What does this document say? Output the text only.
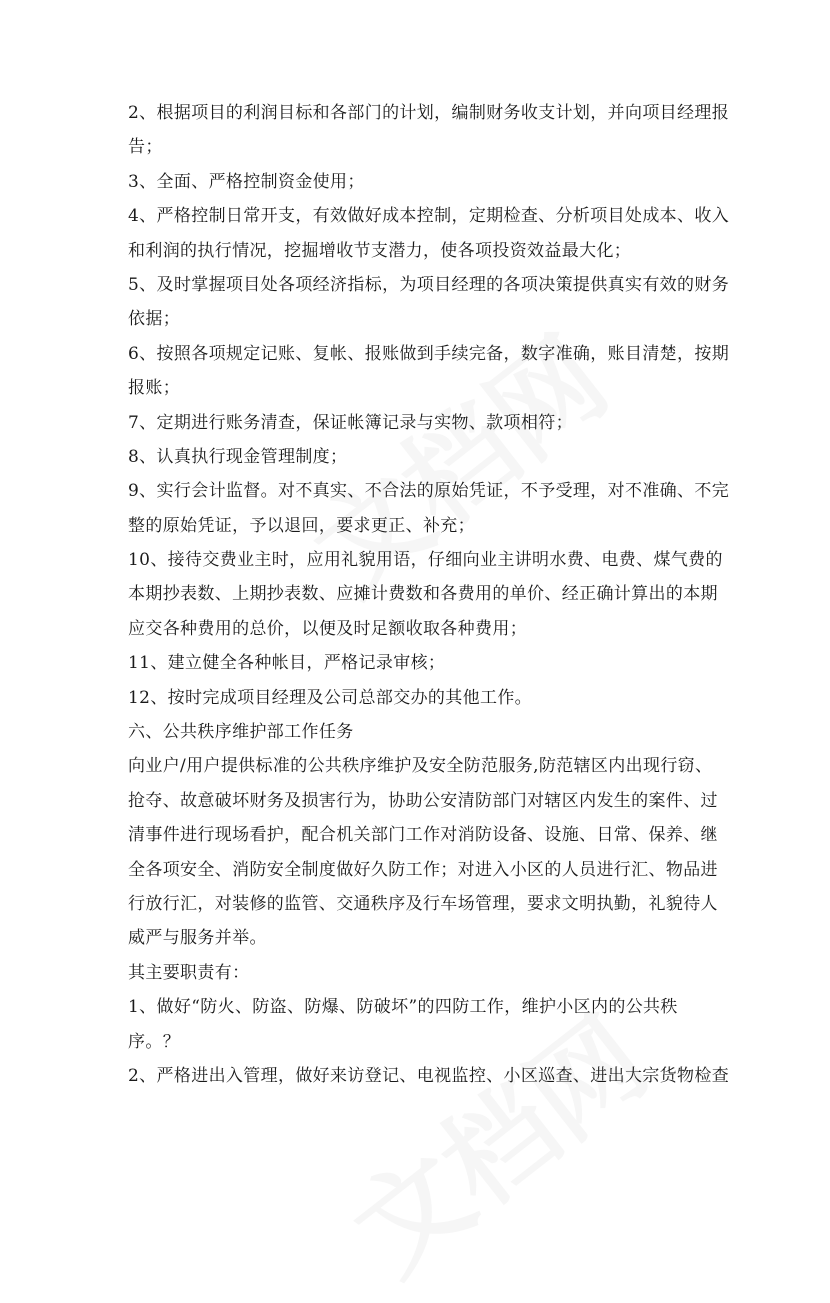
2、根据项目的利润目标和各部门的计划，编制财务收支计划，并向项目经理报
告；
3、全面、严格控制资金使用；
4、严格控制日常开支，有效做好成本控制，定期检查、分析项目处成本、收入
和利润的执行情况，挖掘增收节支潜力，使各项投资效益最大化；
5、及时掌握项目处各项经济指标，为项目经理的各项决策提供真实有效的财务
依据；
6、按照各项规定记账、复帐、报账做到手续完备，数字准确，账目清楚，按期
报账；
7、定期进行账务清查，保证帐簿记录与实物、款项相符；
8、认真执行现金管理制度；
9、实行会计监督。对不真实、不合法的原始凭证，不予受理，对不准确、不完
整的原始凭证，予以退回，要求更正、补充；
10、接待交费业主时，应用礼貌用语，仔细向业主讲明水费、电费、煤气费的
本期抄表数、上期抄表数、应摊计费数和各费用的单价、经正确计算出的本期
应交各种费用的总价，以便及时足额收取各种费用；
11、建立健全各种帐目，严格记录审核；
12、按时完成项目经理及公司总部交办的其他工作。
六、公共秩序维护部工作任务
向业户/用户提供标准的公共秩序维护及安全防范服务,防范辖区内出现行窃、
抢夺、故意破坏财务及损害行为，协助公安清防部门对辖区内发生的案件、过
清事件进行现场看护，配合机关部门工作对消防设备、设施、日常、保养、继
全各项安全、消防安全制度做好久防工作；对进入小区的人员进行汇、物品进
行放行汇，对装修的监管、交通秩序及行车场管理，要求文明执勤，礼貌待人
威严与服务并举。
其主要职责有：
1、做好“防火、防盗、防爆、防破坏”的四防工作，维护小区内的公共秩
序。？
2、严格进出入管理，做好来访登记、电视监控、小区巡查、进出大宗货物检查
